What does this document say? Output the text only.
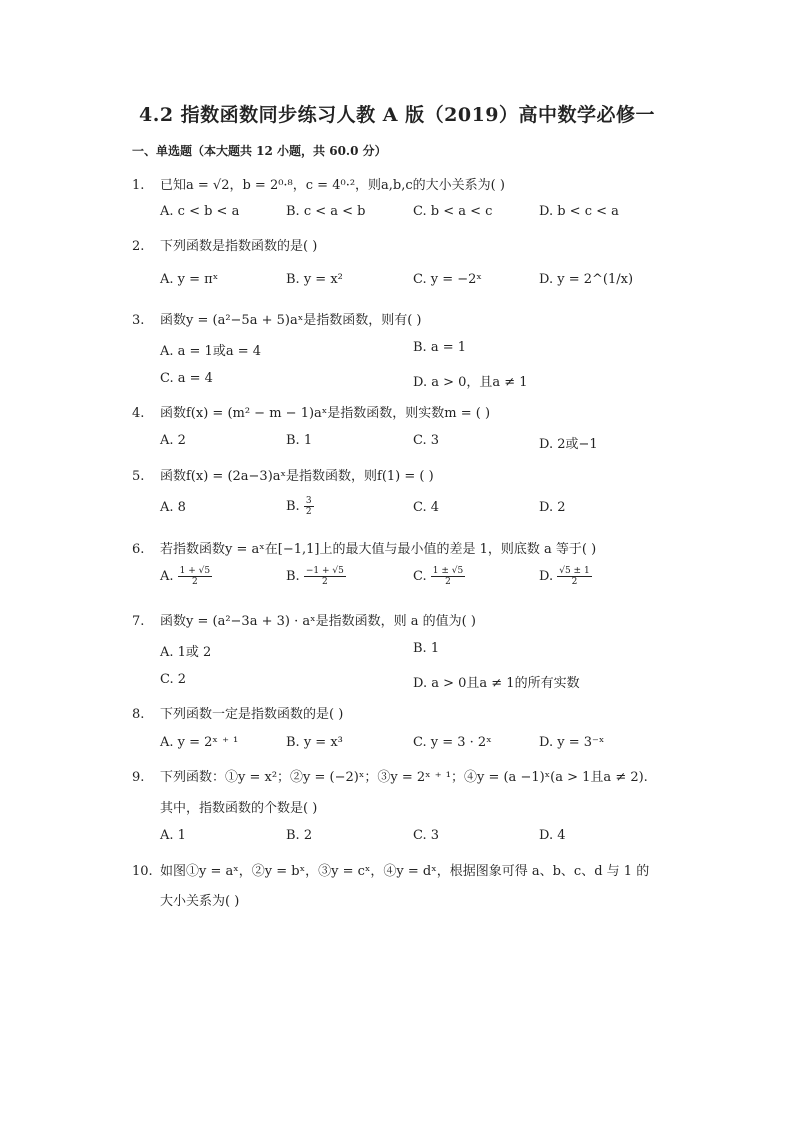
4.2 指数函数同步练习人教 A 版（2019）高中数学必修一
一、单选题（本大题共 12 小题，共 60.0 分）
1. 已知a = √2，b = 2⁰·⁸，c = 4⁰·²，则a,b,c的大小关系为( )
A. c < b < a	B. c < a < b	C. b < a < c	D. b < c < a
2. 下列函数是指数函数的是( )
A. y = πˣ	B. y = x²	C. y = −2ˣ	D. y = 2^(1/x)
3. 函数y = (a²−5a + 5)aˣ是指数函数，则有( )
A. a = 1或a = 4	B. a = 1
C. a = 4	D. a > 0，且a ≠ 1
4. 函数f(x) = (m² − m − 1)aˣ是指数函数，则实数m = ( )
A. 2	B. 1	C. 3	D. 2或−1
5. 函数f(x) = (2a−3)aˣ是指数函数，则f(1) = ( )
A. 8	B. $\frac{3}{2}$	C. 4	D. 2
6. 若指数函数y = aˣ在[−1,1]上的最大值与最小值的差是 1，则底数 a 等于( )
A. $\frac{1 + √5}{2}$	B. $\frac{-1 + √5}{2}$	C. $\frac{1 \pm √5}{2}$	D. $\frac{√5 \pm 1}{2}$
7. 函数y = (a²−3a + 3) · aˣ是指数函数，则 a 的值为( )
A. 1或 2	B. 1
C. 2	D. a > 0且a ≠ 1的所有实数
8. 下列函数一定是指数函数的是( )
A. y = 2ˣ ⁺ ¹	B. y = x³	C. y = 3 · 2ˣ	D. y = 3⁻ˣ
9. 下列函数：①y = x²；②y = (−2)ˣ；③y = 2ˣ ⁺ ¹；④y = (a −1)ˣ(a > 1且a ≠ 2).
其中，指数函数的个数是( )
A. 1	B. 2	C. 3	D. 4
10. 如图①y = aˣ，②y = bˣ，③y = cˣ，④y = dˣ，根据图象可得 a、b、c、d 与 1 的
大小关系为( )
